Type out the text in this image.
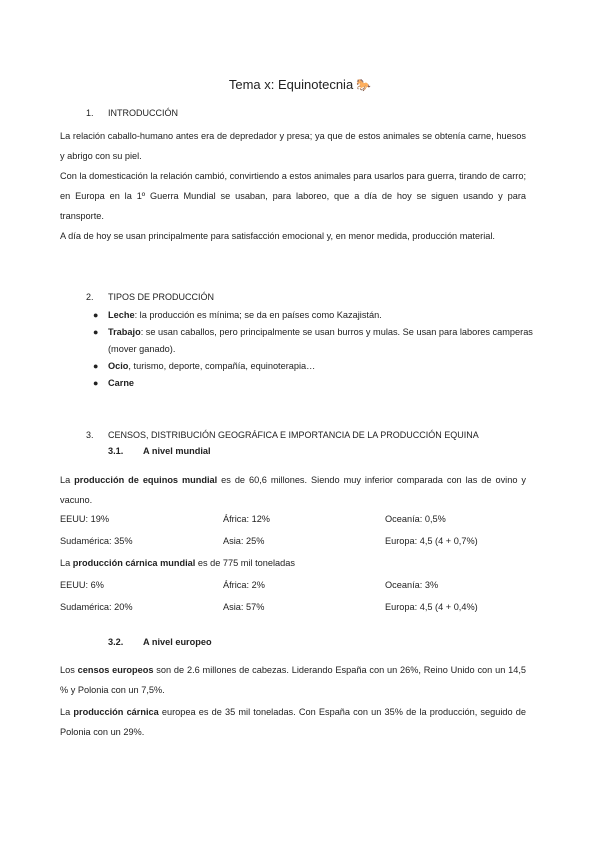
Tema x: Equinotecnia 🐎
1. INTRODUCCIÓN

La relación caballo-humano antes era de depredador y presa; ya que de estos animales se obtenía carne, huesos y abrigo con su piel.

Con la domesticación la relación cambió, convirtiendo a estos animales para usarlos para guerra, tirando de carro; en Europa en la 1º Guerra Mundial se usaban, para laboreo, que a día de hoy se siguen usando y para transporte.

A día de hoy se usan principalmente para satisfacción emocional y, en menor medida, producción material.

2. TIPOS DE PRODUCCIÓN
● Leche: la producción es mínima; se da en países como Kazajistán.
● Trabajo: se usan caballos, pero principalmente se usan burros y mulas. Se usan para labores camperas (mover ganado).
● Ocio, turismo, deporte, compañía, equinoterapia…
● Carne
3. CENSOS, DISTRIBUCIÓN GEOGRÁFICA E IMPORTANCIA DE LA PRODUCCIÓN EQUINA
3.1. A nivel mundial

La producción de equinos mundial es de 60,6 millones. Siendo muy inferior comparada con las de ovino y vacuno.

EEUU: 19%	África: 12%	Oceanía: 0,5%
Sudamérica: 35%	Asia: 25%	Europa: 4,5 (4 + 0,7%)

La producción cárnica mundial es de 775 mil toneladas

EEUU: 6%	África: 2%	Oceanía: 3%
Sudamérica: 20%	Asia: 57%	Europa: 4,5 (4 + 0,4%)
3.2. A nivel europeo

Los censos europeos son de 2.6 millones de cabezas. Liderando España con un 26%, Reino Unido con un 14,5 % y Polonia con un 7,5%.

La producción cárnica europea es de 35 mil toneladas. Con España con un 35% de la producción, seguido de Polonia con un 29%.
